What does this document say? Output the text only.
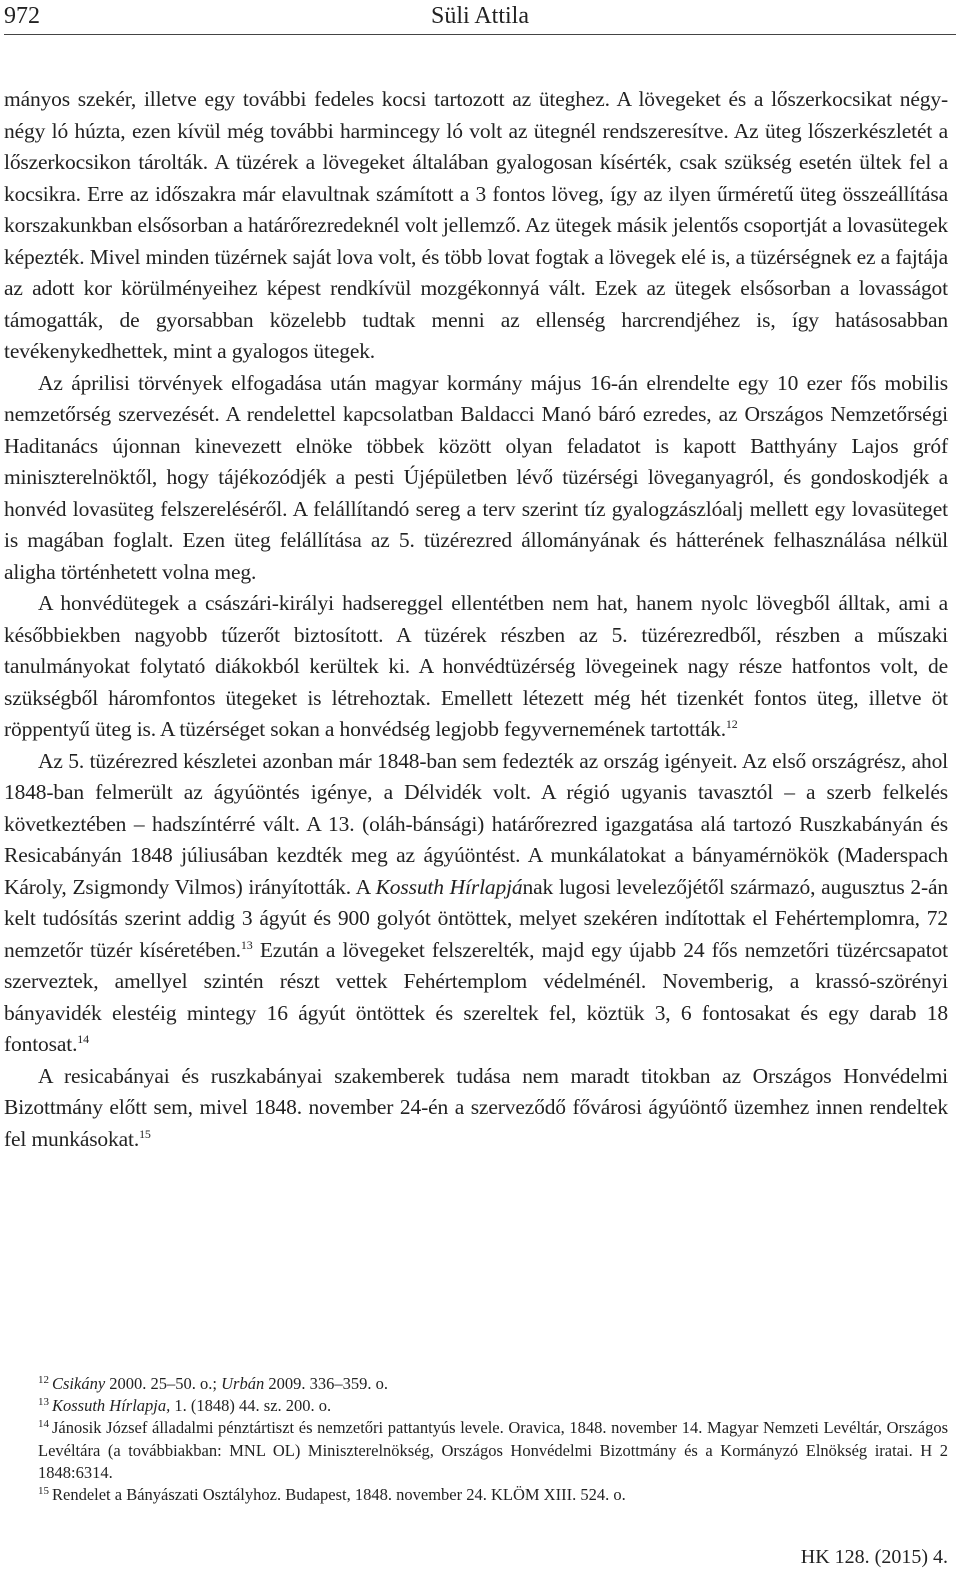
972	Süli Attila

mányos szekér, illetve egy további fedeles kocsi tartozott az üteghez. A lövegeket és a lőszerkocsikat négy-négy ló húzta, ezen kívül még további harmincegy ló volt az ütegnél rendszeresítve. Az üteg lőszerkészletét a lőszerkocsikon tárolták. A tüzérek a lövegeket általában gyalogosan kísérték, csak szükség esetén ültek fel a kocsikra. Erre az időszakra már elavultnak számított a 3 fontos löveg, így az ilyen űrméretű üteg összeállítása korszakunkban elsősorban a határőrezredeknél volt jellemző. Az ütegek másik jelentős csoportját a lovasütegek képezték. Mivel minden tüzérnek saját lova volt, és több lovat fogtak a lövegek elé is, a tüzérségnek ez a fajtája az adott kor körülményeihez képest rendkívül mozgékonnyá vált. Ezek az ütegek elsősorban a lovasságot támogatták, de gyorsabban közelebb tudtak menni az ellenség harcrendjéhez is, így hatásosabban tevékenykedhettek, mint a gyalogos ütegek.

Az áprilisi törvények elfogadása után magyar kormány május 16-án elrendelte egy 10 ezer fős mobilis nemzetőrség szervezését. A rendelettel kapcsolatban Baldacci Manó báró ezredes, az Országos Nemzetőrségi Haditanács újonnan kinevezett elnöke többek között olyan feladatot is kapott Batthyány Lajos gróf miniszterelnöktől, hogy tájékozódjék a pesti Újépületben lévő tüzérségi löveganyagról, és gondoskodjék a honvéd lovasüteg felszereléséről. A felállítandó sereg a terv szerint tíz gyalogzászlóalj mellett egy lovasüteget is magában foglalt. Ezen üteg felállítása az 5. tüzérezred állományának és hátterének felhasználása nélkül aligha történhetett volna meg.

A honvédütegek a császári-királyi hadsereggel ellentétben nem hat, hanem nyolc lövegből álltak, ami a későbbiekben nagyobb tűzerőt biztosított. A tüzérek részben az 5. tüzérezredből, részben a műszaki tanulmányokat folytató diákokból kerültek ki. A honvédtüzérség lövegeinek nagy része hatfontos volt, de szükségből háromfontos ütegeket is létrehoztak. Emellett létezett még hét tizenkét fontos üteg, illetve öt röppentyű üteg is. A tüzérséget sokan a honvédség legjobb fegyvernemének tartották.$^{12}$

Az 5. tüzérezred készletei azonban már 1848-ban sem fedezték az ország igényeit. Az első országrész, ahol 1848-ban felmerült az ágyúöntés igénye, a Délvidék volt. A régió ugyanis tavasztól – a szerb felkelés következtében – hadszíntérré vált. A 13. (oláh-bánsági) határőrezred igazgatása alá tartozó Ruszkabányán és Resicabányán 1848 júliusában kezdték meg az ágyúöntést. A munkálatokat a bányamérnökök (Maderspach Károly, Zsigmondy Vilmos) irányították. A Kossuth Hírlapjának lugosi levelezőjétől származó, augusztus 2-án kelt tudósítás szerint addig 3 ágyút és 900 golyót öntöttek, melyet szekéren indítottak el Fehértemplomra, 72 nemzetőr tüzér kíséretében.$^{13}$ Ezután a lövegeket felszerelték, majd egy újabb 24 fős nemzetőri tüzércsapatot szerveztek, amellyel szintén részt vettek Fehértemplom védelménél. Novemberig, a krassó-szörényi bányavidék elestéig mintegy 16 ágyút öntöttek és szereltek fel, köztük 3, 6 fontosakat és egy darab 18 fontosat.$^{14}$

A resicabányai és ruszkabányai szakemberek tudása nem maradt titokban az Országos Honvédelmi Bizottmány előtt sem, mivel 1848. november 24-én a szerveződő fővárosi ágyúöntő üzemhez innen rendeltek fel munkásokat.$^{15}$

$^{12}$ Csikány 2000. 25–50. o.; Urbán 2009. 336–359. o.

$^{13}$ Kossuth Hírlapja, 1. (1848) 44. sz. 200. o.

$^{14}$ Jánosik József álladalmi pénztártiszt és nemzetőri pattantyús levele. Oravica, 1848. november 14. Magyar Nemzeti Levéltár, Országos Levéltára (a továbbiakban: MNL OL) Miniszterelnökség, Országos Honvédelmi Bizottmány és a Kormányzó Elnökség iratai. H 2 1848:6314.

$^{15}$ Rendelet a Bányászati Osztályhoz. Budapest, 1848. november 24. KLÖM XIII. 524. o.

HK 128. (2015) 4.
